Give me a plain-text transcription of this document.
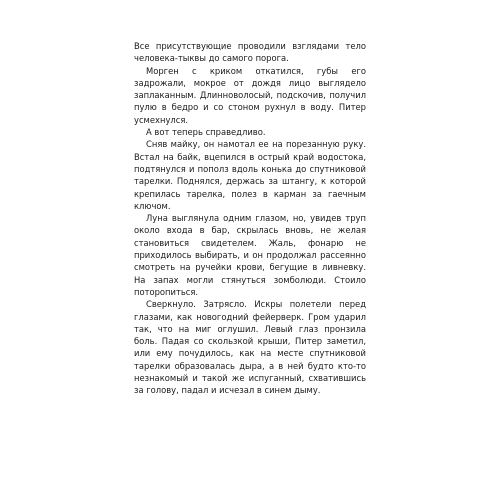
Все присутствующие проводили взглядами тело человека-тыквы до самого порога.

Морген с криком откатился, губы его задрожали, мокрое от дождя лицо выглядело заплаканным. Длинноволосый, подскочив, получил пулю в бедро и со стоном рухнул в воду. Питер усмехнулся.

А вот теперь справедливо.

Сняв майку, он намотал ее на порезанную руку. Встал на байк, вцепился в острый край водостока, подтянулся и пополз вдоль конька до спутниковой тарелки. Поднялся, держась за штангу, к которой крепилась тарелка, полез в карман за гаечным ключом.

Луна выглянула одним глазом, но, увидев труп около входа в бар, скрылась вновь, не желая становиться свидетелем. Жаль, фонарю не приходилось выбирать, и он продолжал рассеянно смотреть на ручейки крови, бегущие в ливневку. На запах могли стянуться зомболюди. Стоило поторопиться.

Сверкнуло. Затрясло. Искры полетели перед глазами, как новогодний фейерверк. Гром ударил так, что на миг оглушил. Левый глаз пронзила боль. Падая со скользкой крыши, Питер заметил, или ему почудилось, как на месте спутниковой тарелки образовалась дыра, а в ней будто кто-то незнакомый и такой же испуганный, схватившись за голову, падал и исчезал в синем дыму.
